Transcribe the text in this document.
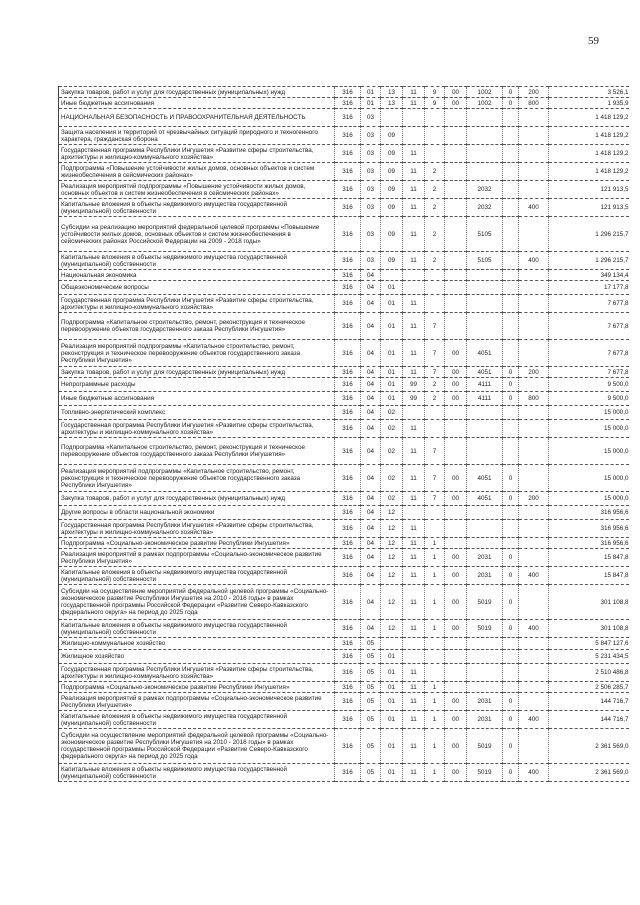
59
Закупка товаров, работ и услуг для государственных (муниципальных) нужд	316	01	13	11	9	00	1002	0	200	3 526,1
Иные бюджетные ассигнования	316	01	13	11	9	00	1002	0	800	1 935,9
НАЦИОНАЛЬНАЯ БЕЗОПАСНОСТЬ И ПРАВООХРАНИТЕЛЬНАЯ ДЕЯТЕЛЬНОСТЬ	316	03								1 418 129,2
Защита населения и территорий от чрезвычайных ситуаций природного и техногенного характера, гражданская оборона	316	03	09							1 418 129,2
Государственная программа Республики Ингушетия «Развитие сферы строительства, архитектуры и жилищно-коммунального хозяйства»	316	03	09	11						1 418 129,2
Подпрограмма «Повышение устойчивости жилых домов, основных объектов и систем жизнеобеспечения в сейсмических районах»	316	03	09	11	2					1 418 129,2
Реализация мероприятий подпрограммы «Повышение устойчивости жилых домов, основных объектов и систем жизнеобеспечения в сейсмических районах»	316	03	09	11	2		2032			121 913,5
Капитальные вложения в объекты недвижимого имущества государственной (муниципальной) собственности	316	03	09	11	2		2032		400	121 913,5
Субсидии на реализацию мероприятий федеральной целевой программы «Повышение устойчивости жилых домов, основных объектов и систем жизнеобеспечения в сейсмических районах Российской Федерации на 2009 - 2018 годы»	316	03	09	11	2		5105			1 296 215,7
Капитальные вложения в объекты недвижимого имущества государственной (муниципальной) собственности	316	03	09	11	2		5105		400	1 296 215,7
Национальная экономика	316	04								349 134,4
Общеэкономические вопросы	316	04	01							17 177,8
Государственная программа Республики Ингушетия «Развитие сферы строительства, архитектуры и жилищно-коммунального хозяйства»	316	04	01	11						7 677,8
Подпрограмма «Капитальное строительство, ремонт, реконструкция и техническое перевооружение объектов государственного заказа Республики Ингушетия»	316	04	01	11	7					7 677,8
Реализация мероприятий подпрограммы «Капитальное строительство, ремонт, реконструкция и техническое перевооружение объектов государственного заказа Республики Ингушетия»	316	04	01	11	7	00	4051			7 677,8
Закупка товаров, работ и услуг для государственных (муниципальных) нужд	316	04	01	11	7	00	4051	0	200	7 677,8
Непрограммные расходы	316	04	01	99	2	00	4111	0		9 500,0
Иные бюджетные ассигнования	316	04	01	99	2	00	4111	0	800	9 500,0
Топливно-энергетический комплекс	316	04	02							15 000,0
Государственная программа Республики Ингушетия «Развитие сферы строительства, архитектуры и жилищно-коммунального хозяйства»	316	04	02	11						15 000,0
Подпрограмма «Капитальное строительство, ремонт, реконструкция и техническое перевооружение объектов государственного заказа Республики Ингушетия»	316	04	02	11	7					15 000,0
Реализация мероприятий подпрограммы «Капитальное строительство, ремонт, реконструкция и техническое перевооружение объектов государственного заказа Республики Ингушетия»	316	04	02	11	7	00	4051	0		15 000,0
Закупка товаров, работ и услуг для государственных (муниципальных) нужд	316	04	02	11	7	00	4051	0	200	15 000,0
Другие вопросы в области национальной экономики	316	04	12							316 956,6
Государственная программа Республики Ингушетия «Развитие сферы строительства, архитектуры и жилищно-коммунального хозяйства»	316	04	12	11						316 956,6
Подпрограмма «Социально-экономическое развитие Республики Ингушетия»	316	04	12	11	1					316 956,6
Реализация мероприятий в рамках подпрограммы «Социально-экономическое развитие Республики Ингушетия»	316	04	12	11	1	00	2031	0		15 847,8
Капитальные вложения в объекты недвижимого имущества государственной (муниципальной) собственности	316	04	12	11	1	00	2031	0	400	15 847,8
Субсидии на осуществление мероприятий федеральной целевой программы «Социально-экономическое развитие Республики Ингушетия на 2010 - 2016 годы» в рамках государственной программы Российской Федерации «Развитие Северо-Кавказского федерального округа» на период до 2025 года	316	04	12	11	1	00	5019	0		301 108,8
Капитальные вложения в объекты недвижимого имущества государственной (муниципальной) собственности	316	04	12	11	1	00	5019	0	400	301 108,8
Жилищно-коммунальное хозяйство	316	05								5 847 127,6
Жилищное хозяйство	316	05	01							5 231 434,5
Государственная программа Республики Ингушетия «Развитие сферы строительства, архитектуры и жилищно-коммунального хозяйства»	316	05	01	11						2 510 486,8
Подпрограмма «Социально-экономическое развитие Республики Ингушетия»	316	05	01	11	1					2 506 285,7
Реализация мероприятий в рамках подпрограммы «Социально-экономическое развитие Республики Ингушетия»	316	05	01	11	1	00	2031	0		144 716,7
Капитальные вложения в объекты недвижимого имущества государственной (муниципальной) собственности	316	05	01	11	1	00	2031	0	400	144 716,7
Субсидии на осуществление мероприятий федеральной целевой программы «Социально-экономическое развитие Республики Ингушетия на 2010 - 2016 годы» в рамках государственной программы Российской Федерации «Развитие Северо-Кавказского федерального округа» на период до 2025 года	316	05	01	11	1	00	5019	0		2 361 569,0
Капитальные вложения в объекты недвижимого имущества государственной (муниципальной) собственности	316	05	01	11	1	00	5019	0	400	2 361 569,0
